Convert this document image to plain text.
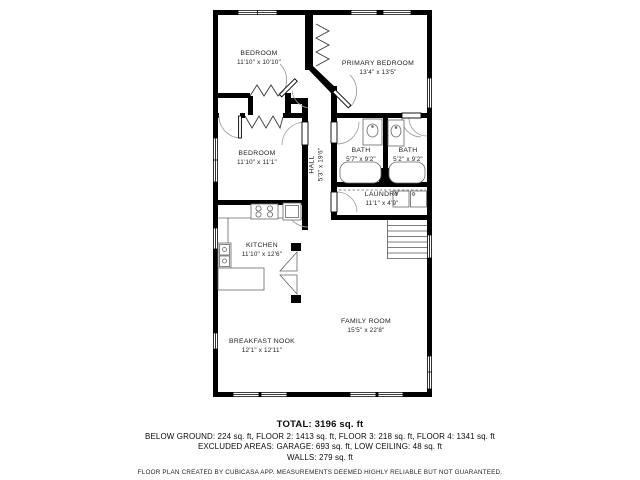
BEDROOM
11'10" x 10'10"	PRIMARY BEDROOM
13'4" x 13'5"
BEDROOM
11'10" x 11'1"	HALL 5'3" x 19'6"	BATH
5'7" x 9'2"
BATH
5'2" x 9'2"
LAUNDRY
11'1" x 4'9"
KITCHEN
11'10" x 12'6"
FAMILY ROOM
15'5" x 22'8"
BREAKFAST NOOK
12'1" x 12'11"
TOTAL: 3196 sq. ft
BELOW GROUND: 224 sq. ft, FLOOR 2: 1413 sq. ft, FLOOR 3: 218 sq. ft, FLOOR 4: 1341 sq. ft
EXCLUDED AREAS: GARAGE: 693 sq. ft, LOW CEILING: 48 sq. ft
WALLS: 279 sq. ft
FLOOR PLAN CREATED BY CUBICASA APP. MEASUREMENTS DEEMED HIGHLY RELIABLE BUT NOT GUARANTEED.
